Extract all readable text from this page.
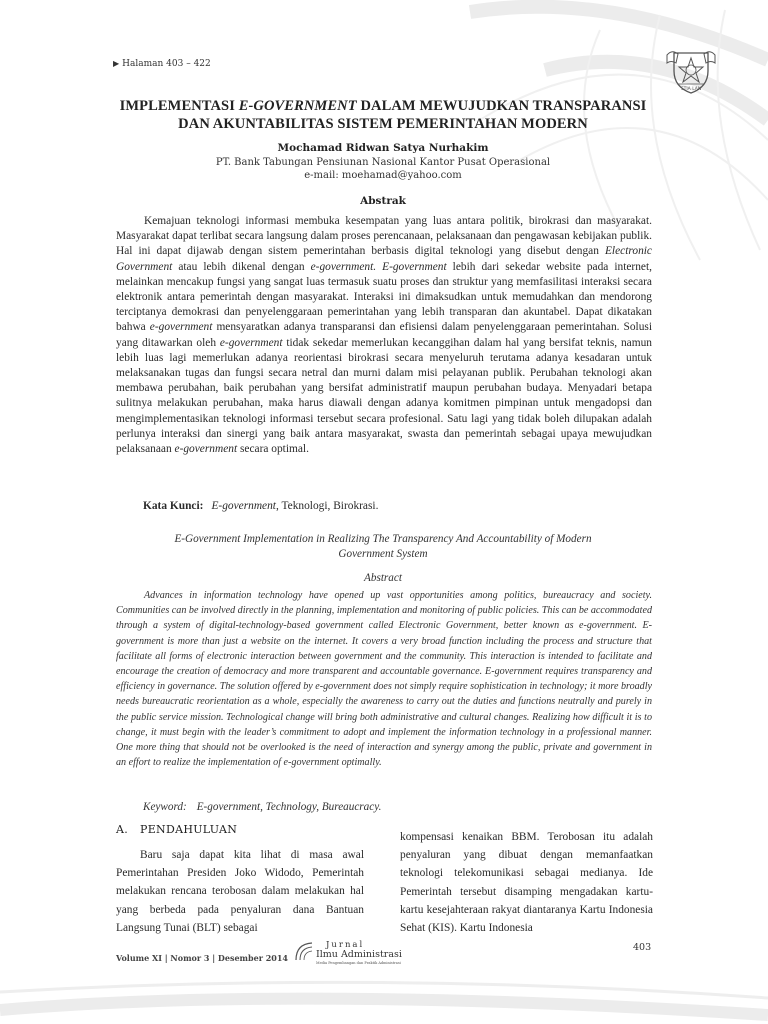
▶ Halaman 403 – 422
STIA LAN
IMPLEMENTASI E-GOVERNMENT DALAM MEWUJUDKAN TRANSPARANSI
DAN AKUNTABILITAS SISTEM PEMERINTAHAN MODERN
Mochamad Ridwan Satya Nurhakim
PT. Bank Tabungan Pensiunan Nasional Kantor Pusat Operasional
e-mail: moehamad@yahoo.com
Abstrak

Kemajuan teknologi informasi membuka kesempatan yang luas antara politik, birokrasi dan masyarakat. Masyarakat dapat terlibat secara langsung dalam proses perencanaan, pelaksanaan dan pengawasan kebijakan publik. Hal ini dapat dijawab dengan sistem pemerintahan berbasis digital teknologi yang disebut dengan Electronic Government atau lebih dikenal dengan e-government. E-government lebih dari sekedar website pada internet, melainkan mencakup fungsi yang sangat luas termasuk suatu proses dan struktur yang memfasilitasi interaksi secara elektronik antara pemerintah dengan masyarakat. Interaksi ini dimaksudkan untuk memudahkan dan mendorong terciptanya demokrasi dan penyelenggaraan pemerintahan yang lebih transparan dan akuntabel. Dapat dikatakan bahwa e-government mensyaratkan adanya transparansi dan efisiensi dalam penyelenggaraan pemerintahan. Solusi yang ditawarkan oleh e-government tidak sekedar memerlukan kecanggihan dalam hal yang bersifat teknis, namun lebih luas lagi memerlukan adanya reorientasi birokrasi secara menyeluruh terutama adanya kesadaran untuk melaksanakan tugas dan fungsi secara netral dan murni dalam misi pelayanan publik. Perubahan teknologi akan membawa perubahan, baik perubahan yang bersifat administratif maupun perubahan budaya. Menyadari betapa sulitnya melakukan perubahan, maka harus diawali dengan adanya komitmen pimpinan untuk mengadopsi dan mengimplementasikan teknologi informasi tersebut secara profesional. Satu lagi yang tidak boleh dilupakan adalah perlunya interaksi dan sinergi yang baik antara masyarakat, swasta dan pemerintah sebagai upaya mewujudkan pelaksanaan e-government secara optimal.

Kata Kunci: E-government, Teknologi, Birokrasi.
E-Government Implementation in Realizing The Transparency And Accountability of Modern
Government System
Abstract

Advances in information technology have opened up vast opportunities among politics, bureaucracy and society. Communities can be involved directly in the planning, implementation and monitoring of public policies. This can be accommodated through a system of digital-technology-based government called Electronic Government, better known as e-government. E-government is more than just a website on the internet. It covers a very broad function including the process and structure that facilitate all forms of electronic interaction between government and the community. This interaction is intended to facilitate and encourage the creation of democracy and more transparent and accountable governance. E-government requires transparency and efficiency in governance. The solution offered by e-government does not simply require sophistication in technology; it more broadly needs bureaucratic reorientation as a whole, especially the awareness to carry out the duties and functions neutrally and purely in the public service mission. Technological change will bring both administrative and cultural changes. Realizing how difficult it is to change, it must begin with the leader’s commitment to adopt and implement the information technology in a professional manner. One more thing that should not be overlooked is the need of interaction and synergy among the public, private and government in an effort to realize the implementation of e-government optimally.

Keyword: E-government, Technology, Bureaucracy.
A. PENDAHULUAN

Baru saja dapat kita lihat di masa awal Pemerintahan Presiden Joko Widodo, Pemerintah melakukan rencana terobosan dalam melakukan hal yang berbeda pada penyaluran dana Bantuan Langsung Tunai (BLT) sebagai

kompensasi kenaikan BBM. Terobosan itu adalah penyaluran yang dibuat dengan memanfaatkan teknologi telekomunikasi sebagai medianya. Ide Pemerintah tersebut disamping mengadakan kartu-kartu kesejahteraan rakyat diantaranya Kartu Indonesia Sehat (KIS). Kartu Indonesia

Volume XI | Nomor 3 | Desember 2014
Jurnal
Ilmu Administrasi
Media Pengembangan dan Praktik Administrasi
403
